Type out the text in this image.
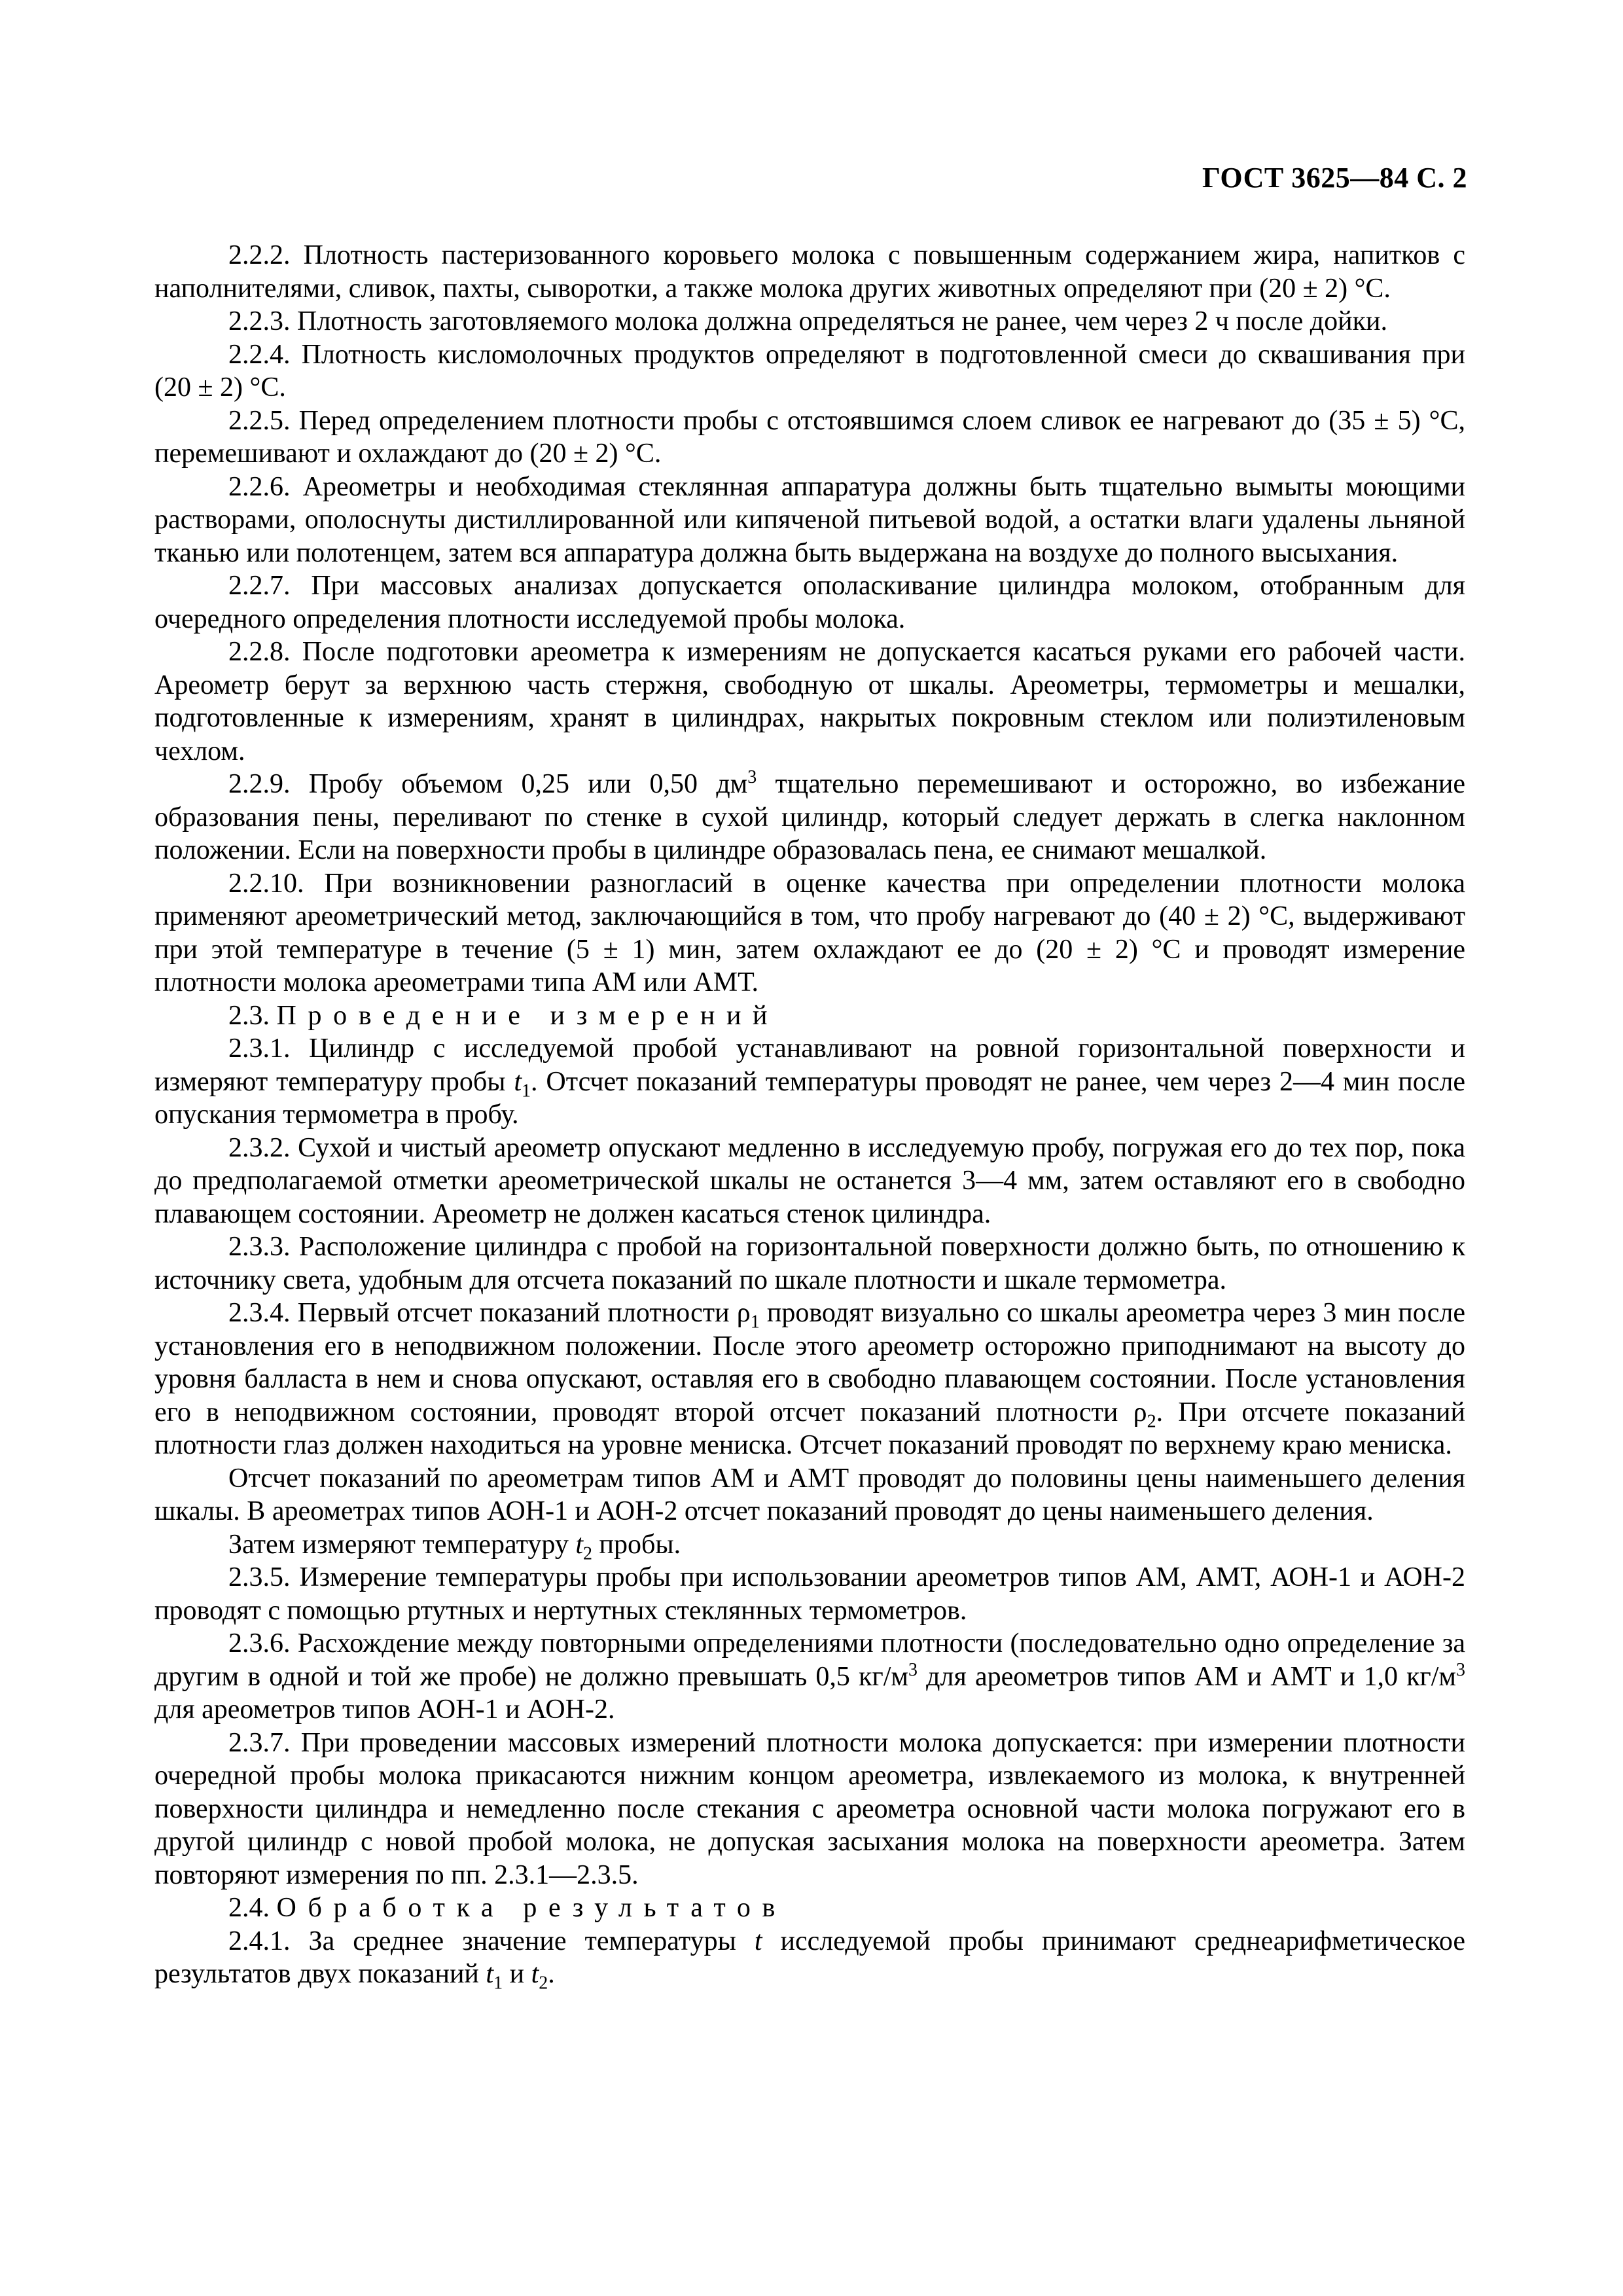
ГОСТ 3625—84 С. 2

2.2.2. Плотность пастеризованного коровьего молока с повышенным содержанием жира, напитков с наполнителями, сливок, пахты, сыворотки, а также молока других животных определяют при (20 ± 2) °С.

2.2.3. Плотность заготовляемого молока должна определяться не ранее, чем через 2 ч после дойки.

2.2.4. Плотность кисломолочных продуктов определяют в подготовленной смеси до сквашивания при (20 ± 2) °С.

2.2.5. Перед определением плотности пробы с отстоявшимся слоем сливок ее нагревают до (35 ± 5) °С, перемешивают и охлаждают до (20 ± 2) °С.

2.2.6. Ареометры и необходимая стеклянная аппаратура должны быть тщательно вымыты моющими растворами, ополоснуты дистиллированной или кипяченой питьевой водой, а остатки влаги удалены льняной тканью или полотенцем, затем вся аппаратура должна быть выдержана на воздухе до полного высыхания.

2.2.7. При массовых анализах допускается ополаскивание цилиндра молоком, отобранным для очередного определения плотности исследуемой пробы молока.

2.2.8. После подготовки ареометра к измерениям не допускается касаться руками его рабочей части. Ареометр берут за верхнюю часть стержня, свободную от шкалы. Ареометры, термометры и мешалки, подготовленные к измерениям, хранят в цилиндрах, накрытых покровным стеклом или полиэтиленовым чехлом.

2.2.9. Пробу объемом 0,25 или 0,50 $дм^3$ тщательно перемешивают и осторожно, во избежание образования пены, переливают по стенке в сухой цилиндр, который следует держать в слегка наклонном положении. Если на поверхности пробы в цилиндре образовалась пена, ее снимают мешалкой.

2.2.10. При возникновении разногласий в оценке качества при определении плотности молока применяют ареометрический метод, заключающийся в том, что пробу нагревают до (40 ± 2) °С, выдерживают при этой температуре в течение (5 ± 1) мин, затем охлаждают ее до (20 ± 2) °С и проводят измерение плотности молока ареометрами типа АМ или АМТ.

2.3. Проведение измерений

2.3.1. Цилиндр с исследуемой пробой устанавливают на ровной горизонтальной поверхности и измеряют температуру пробы $t_1$. Отсчет показаний температуры проводят не ранее, чем через 2—4 мин после опускания термометра в пробу.

2.3.2. Сухой и чистый ареометр опускают медленно в исследуемую пробу, погружая его до тех пор, пока до предполагаемой отметки ареометрической шкалы не останется 3—4 мм, затем оставляют его в свободно плавающем состоянии. Ареометр не должен касаться стенок цилиндра.

2.3.3. Расположение цилиндра с пробой на горизонтальной поверхности должно быть, по отношению к источнику света, удобным для отсчета показаний по шкале плотности и шкале термометра.

2.3.4. Первый отсчет показаний плотности $\rho_1$ проводят визуально со шкалы ареометра через 3 мин после установления его в неподвижном положении. После этого ареометр осторожно приподнимают на высоту до уровня балласта в нем и снова опускают, оставляя его в свободно плавающем состоянии. После установления его в неподвижном состоянии, проводят второй отсчет показаний плотности $\rho_2$. При отсчете показаний плотности глаз должен находиться на уровне мениска. Отсчет показаний проводят по верхнему краю мениска.

Отсчет показаний по ареометрам типов АМ и АМТ проводят до половины цены наименьшего деления шкалы. В ареометрах типов АОН-1 и АОН-2 отсчет показаний проводят до цены наименьшего деления.

Затем измеряют температуру $t_2$ пробы.

2.3.5. Измерение температуры пробы при использовании ареометров типов АМ, АМТ, АОН-1 и АОН-2 проводят с помощью ртутных и нертутных стеклянных термометров.

2.3.6. Расхождение между повторными определениями плотности (последовательно одно определение за другим в одной и той же пробе) не должно превышать 0,5 $кг/м^3$ для ареометров типов АМ и АМТ и 1,0 $кг/м^3$ для ареометров типов АОН-1 и АОН-2.

2.3.7. При проведении массовых измерений плотности молока допускается: при измерении плотности очередной пробы молока прикасаются нижним концом ареометра, извлекаемого из молока, к внутренней поверхности цилиндра и немедленно после стекания с ареометра основной части молока погружают его в другой цилиндр с новой пробой молока, не допуская засыхания молока на поверхности ареометра. Затем повторяют измерения по пп. 2.3.1—2.3.5.

2.4. Обработка результатов

2.4.1. За среднее значение температуры t исследуемой пробы принимают среднеарифметическое результатов двух показаний $t_1$ и $t_2$.
